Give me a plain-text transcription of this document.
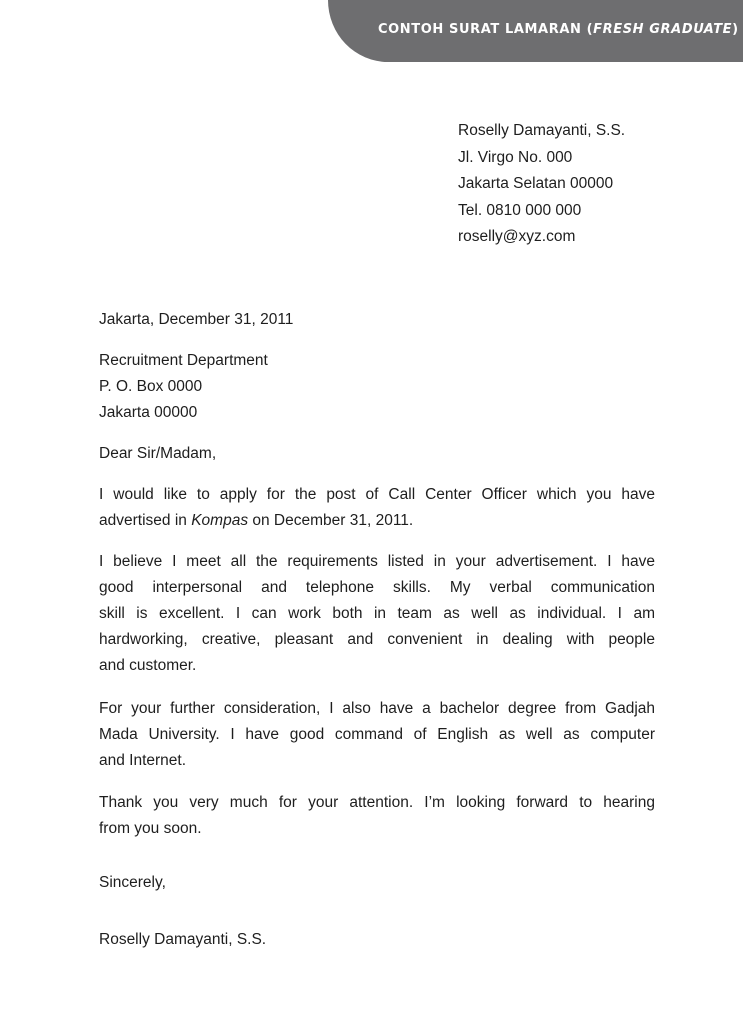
CONTOH SURAT LAMARAN (FRESH GRADUATE)
Roselly Damayanti, S.S.
Jl. Virgo No. 000
Jakarta Selatan 00000
Tel. 0810 000 000
roselly@xyz.com
Jakarta, December 31, 2011
Recruitment Department
P. O. Box 0000
Jakarta 00000
Dear Sir/Madam,
I would like to apply for the post of Call Center Officer which you have
advertised in Kompas on December 31, 2011.
I believe I meet all the requirements listed in your advertisement. I have
good interpersonal and telephone skills. My verbal communication
skill is excellent. I can work both in team as well as individual. I am
hardworking, creative, pleasant and convenient in dealing with people
and customer.
For your further consideration, I also have a bachelor degree from Gadjah
Mada University. I have good command of English as well as computer
and Internet.
Thank you very much for your attention. I’m looking forward to hearing
from you soon.
Sincerely,
Roselly Damayanti, S.S.
